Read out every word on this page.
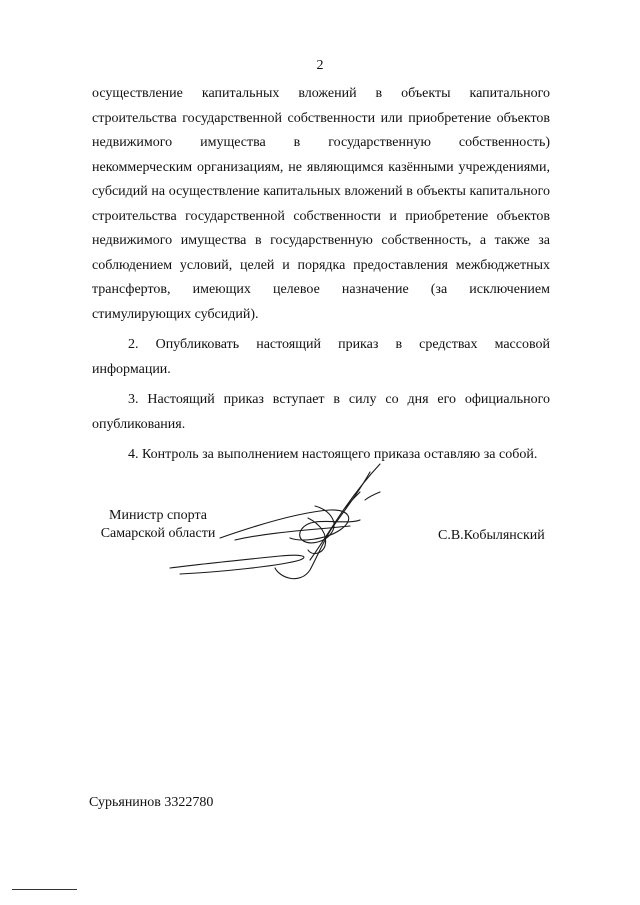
2

осуществление капитальных вложений в объекты капитального строительства государственной собственности или приобретение объектов недвижимого имущества в государственную собственность) некоммерческим организациям, не являющимся казёнными учреждениями, субсидий на осуществление капитальных вложений в объекты капитального строительства государственной собственности и приобретение объектов недвижимого имущества в государственную собственность, а также за соблюдением условий, целей и порядка предоставления межбюджетных трансфертов, имеющих целевое назначение (за исключением стимулирующих субсидий).

2. Опубликовать настоящий приказ в средствах массовой информации.

3. Настоящий приказ вступает в силу со дня его официального опубликования.

4. Контроль за выполнением настоящего приказа оставляю за собой.

Министр спорта
Самарской области	С.В.Кобылянский
Сурьянинов 3322780
